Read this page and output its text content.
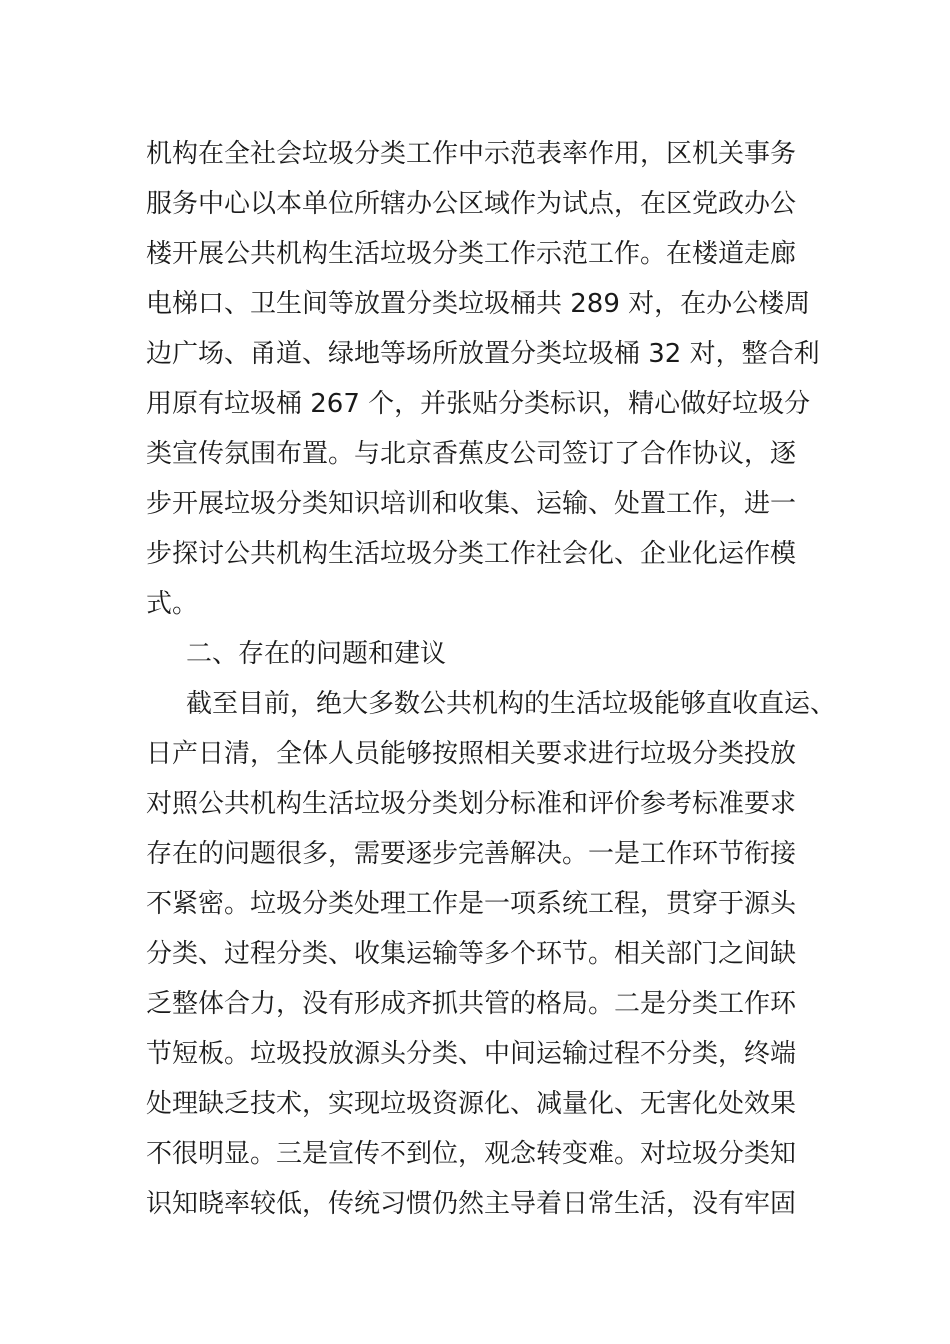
机构在全社会垃圾分类工作中示范表率作用，区机关事务
服务中心以本单位所辖办公区域作为试点，在区党政办公
楼开展公共机构生活垃圾分类工作示范工作。在楼道走廊
电梯口、卫生间等放置分类垃圾桶共 289 对，在办公楼周
边广场、甬道、绿地等场所放置分类垃圾桶 32 对，整合利
用原有垃圾桶 267 个，并张贴分类标识，精心做好垃圾分
类宣传氛围布置。与北京香蕉皮公司签订了合作协议，逐
步开展垃圾分类知识培训和收集、运输、处置工作，进一
步探讨公共机构生活垃圾分类工作社会化、企业化运作模
式。
二、存在的问题和建议
截至目前，绝大多数公共机构的生活垃圾能够直收直运、
日产日清，全体人员能够按照相关要求进行垃圾分类投放
对照公共机构生活垃圾分类划分标准和评价参考标准要求
存在的问题很多，需要逐步完善解决。一是工作环节衔接
不紧密。垃圾分类处理工作是一项系统工程，贯穿于源头
分类、过程分类、收集运输等多个环节。相关部门之间缺
乏整体合力，没有形成齐抓共管的格局。二是分类工作环
节短板。垃圾投放源头分类、中间运输过程不分类，终端
处理缺乏技术，实现垃圾资源化、减量化、无害化处效果
不很明显。三是宣传不到位，观念转变难。对垃圾分类知
识知晓率较低，传统习惯仍然主导着日常生活，没有牢固
